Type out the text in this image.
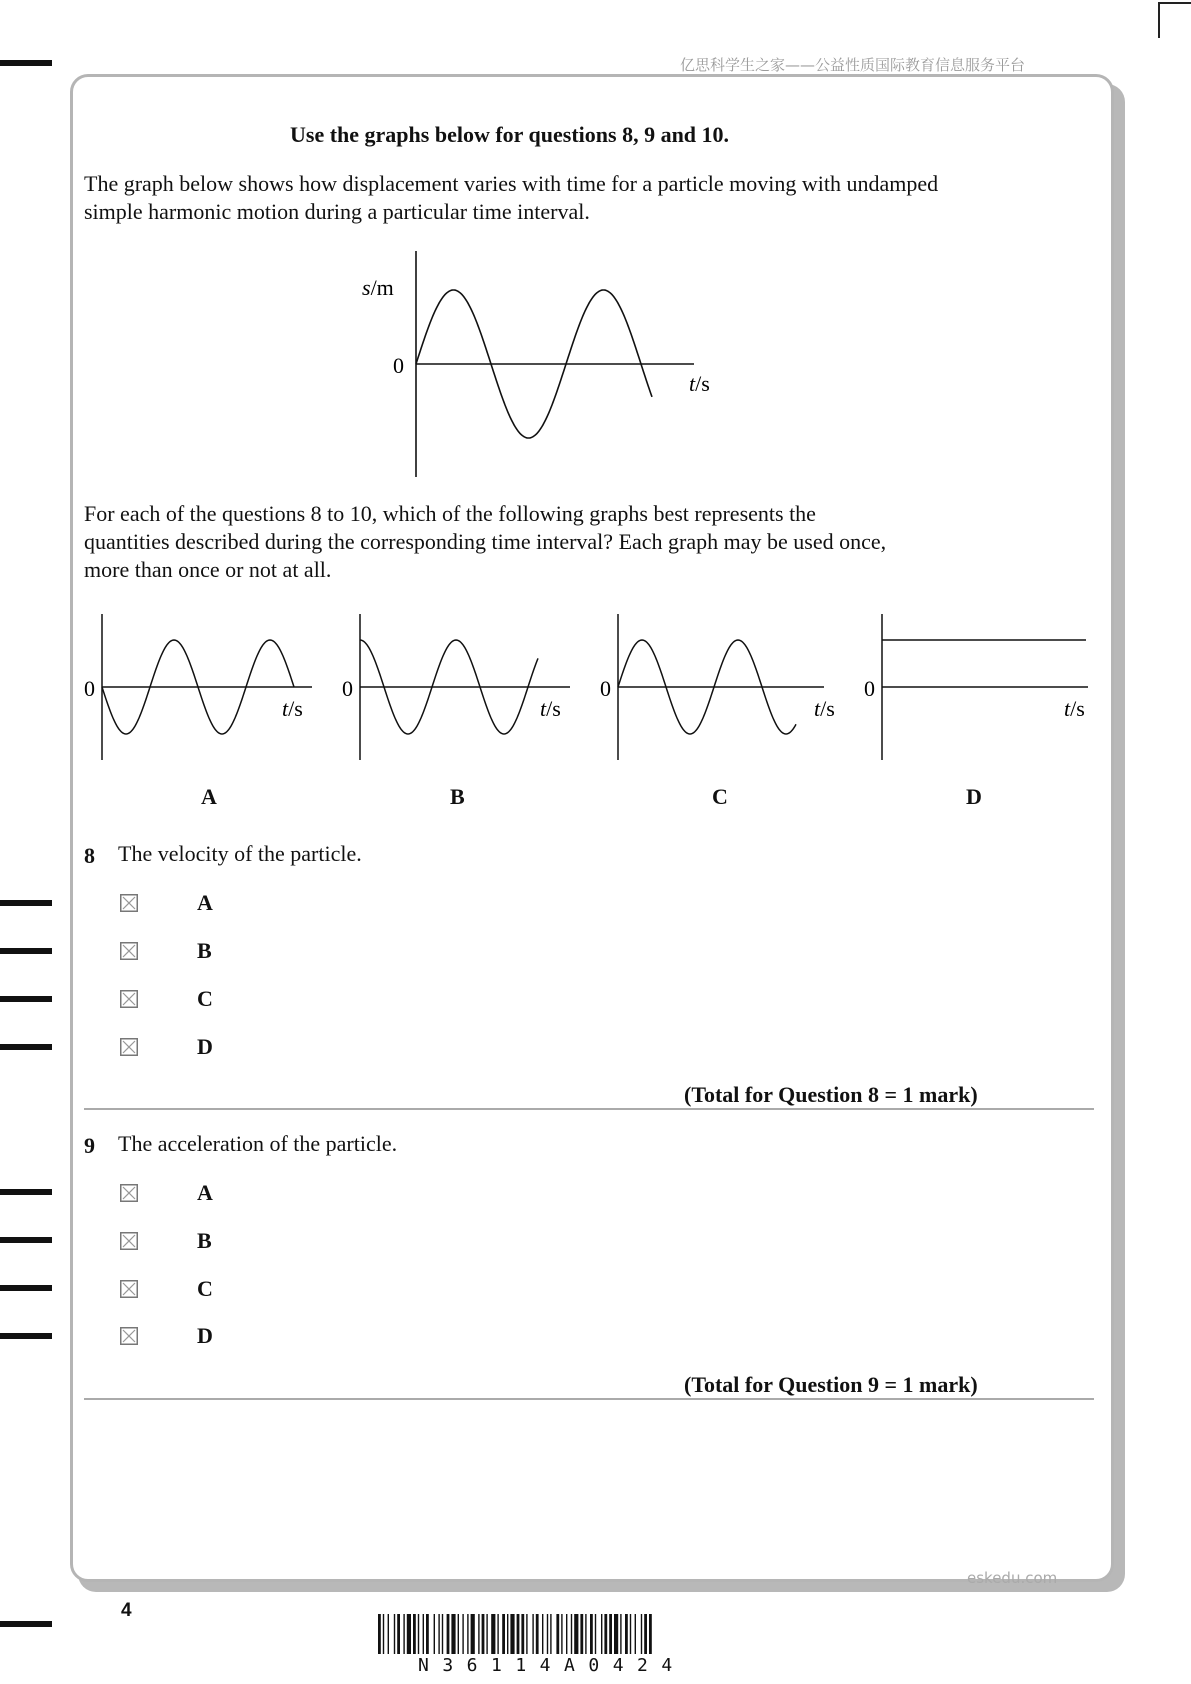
亿思科学生之家——公益性质国际教育信息服务平台
Use the graphs below for questions 8, 9 and 10.
The graph below shows how displacement varies with time for a particle moving with undamped
simple harmonic motion during a particular time interval.
s/m
0
t/s
For each of the questions 8 to 10, which of the following graphs best represents the
quantities described during the corresponding time interval? Each graph may be used once,
more than once or not at all.
0
t/s
0
t/s
0
t/s
0
t/s
A	B	C	D
8 The velocity of the particle.
A
B
C
D
(Total for Question 8 = 1 mark)
9 The acceleration of the particle.
A
B
C
D
(Total for Question 9 = 1 mark)
eskedu.com
4
N36114A0424
